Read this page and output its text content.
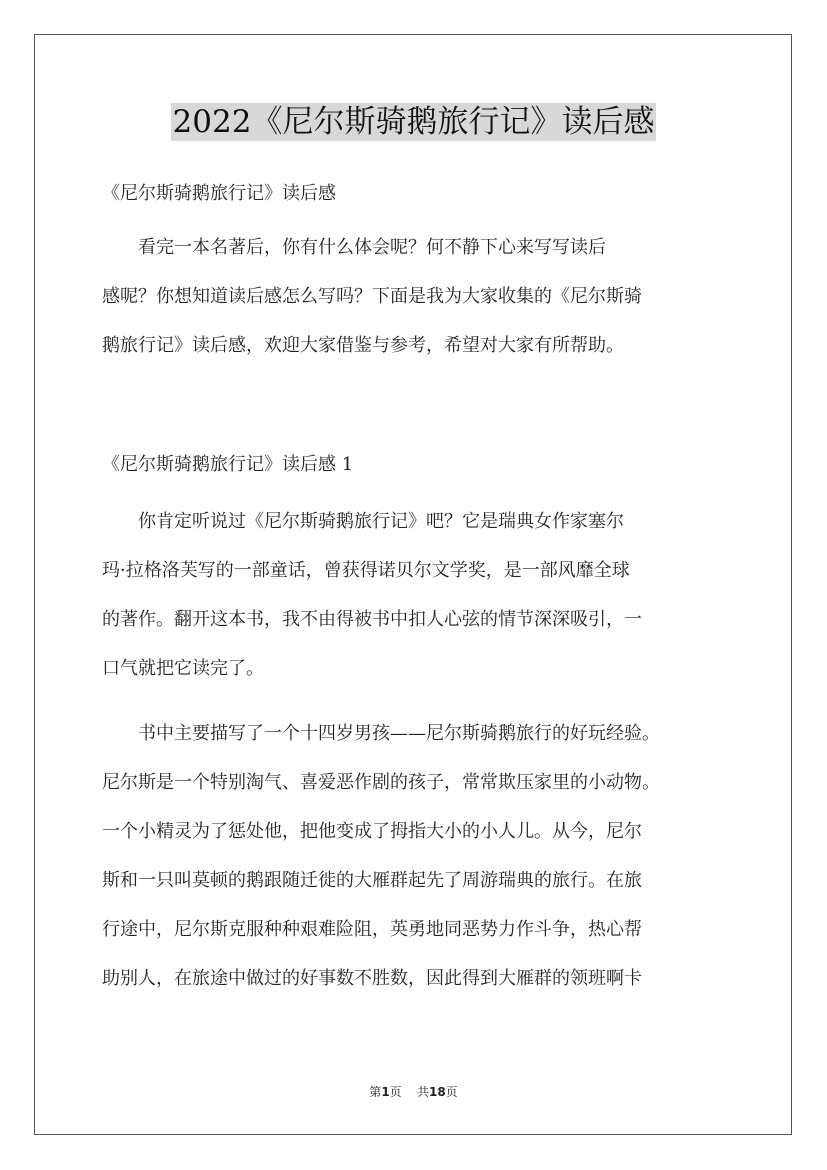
2022《尼尔斯骑鹅旅行记》读后感
《尼尔斯骑鹅旅行记》读后感
　　看完一本名著后，你有什么体会呢？何不静下心来写写读后
感呢？你想知道读后感怎么写吗？下面是我为大家收集的《尼尔斯骑
鹅旅行记》读后感，欢迎大家借鉴与参考，希望对大家有所帮助。
《尼尔斯骑鹅旅行记》读后感 1
　　你肯定听说过《尼尔斯骑鹅旅行记》吧？它是瑞典女作家塞尔
玛·拉格洛芙写的一部童话，曾获得诺贝尔文学奖，是一部风靡全球
的著作。翻开这本书，我不由得被书中扣人心弦的情节深深吸引，一
口气就把它读完了。
　　书中主要描写了一个十四岁男孩——尼尔斯骑鹅旅行的好玩经验。
尼尔斯是一个特别淘气、喜爱恶作剧的孩子，常常欺压家里的小动物。
一个小精灵为了惩处他，把他变成了拇指大小的小人儿。从今，尼尔
斯和一只叫莫顿的鹅跟随迁徙的大雁群起先了周游瑞典的旅行。在旅
行途中，尼尔斯克服种种艰难险阻，英勇地同恶势力作斗争，热心帮
助别人，在旅途中做过的好事数不胜数，因此得到大雁群的领班啊卡
第1页 共18页
